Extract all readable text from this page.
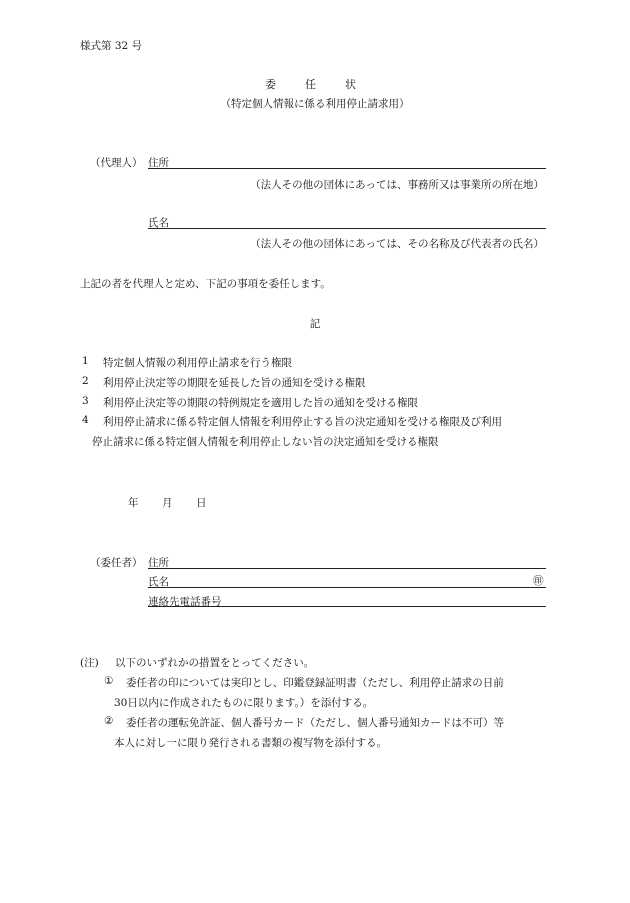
様式第 32 号
委　任　状
（特定個人情報に係る利用停止請求用）
（代理人） 住所
（法人その他の団体にあっては、事務所又は事業所の所在地）
氏名
（法人その他の団体にあっては、その名称及び代表者の氏名）
上記の者を代理人と定め、下記の事項を委任します。
記
1 特定個人情報の利用停止請求を行う権限
2 利用停止決定等の期限を延長した旨の通知を受ける権限
3 利用停止決定等の期限の特例規定を適用した旨の通知を受ける権限
4 利用停止請求に係る特定個人情報を利用停止する旨の決定通知を受ける権限及び利用
停止請求に係る特定個人情報を利用停止しない旨の決定通知を受ける権限
年 月 日
（委任者） 住所
氏名	㊞
連絡先電話番号
(注) 以下のいずれかの措置をとってください。
① 委任者の印については実印とし、印鑑登録証明書（ただし、利用停止請求の日前
30日以内に作成されたものに限ります。）を添付する。
② 委任者の運転免許証、個人番号カード（ただし、個人番号通知カードは不可）等
本人に対し一に限り発行される書類の複写物を添付する。
